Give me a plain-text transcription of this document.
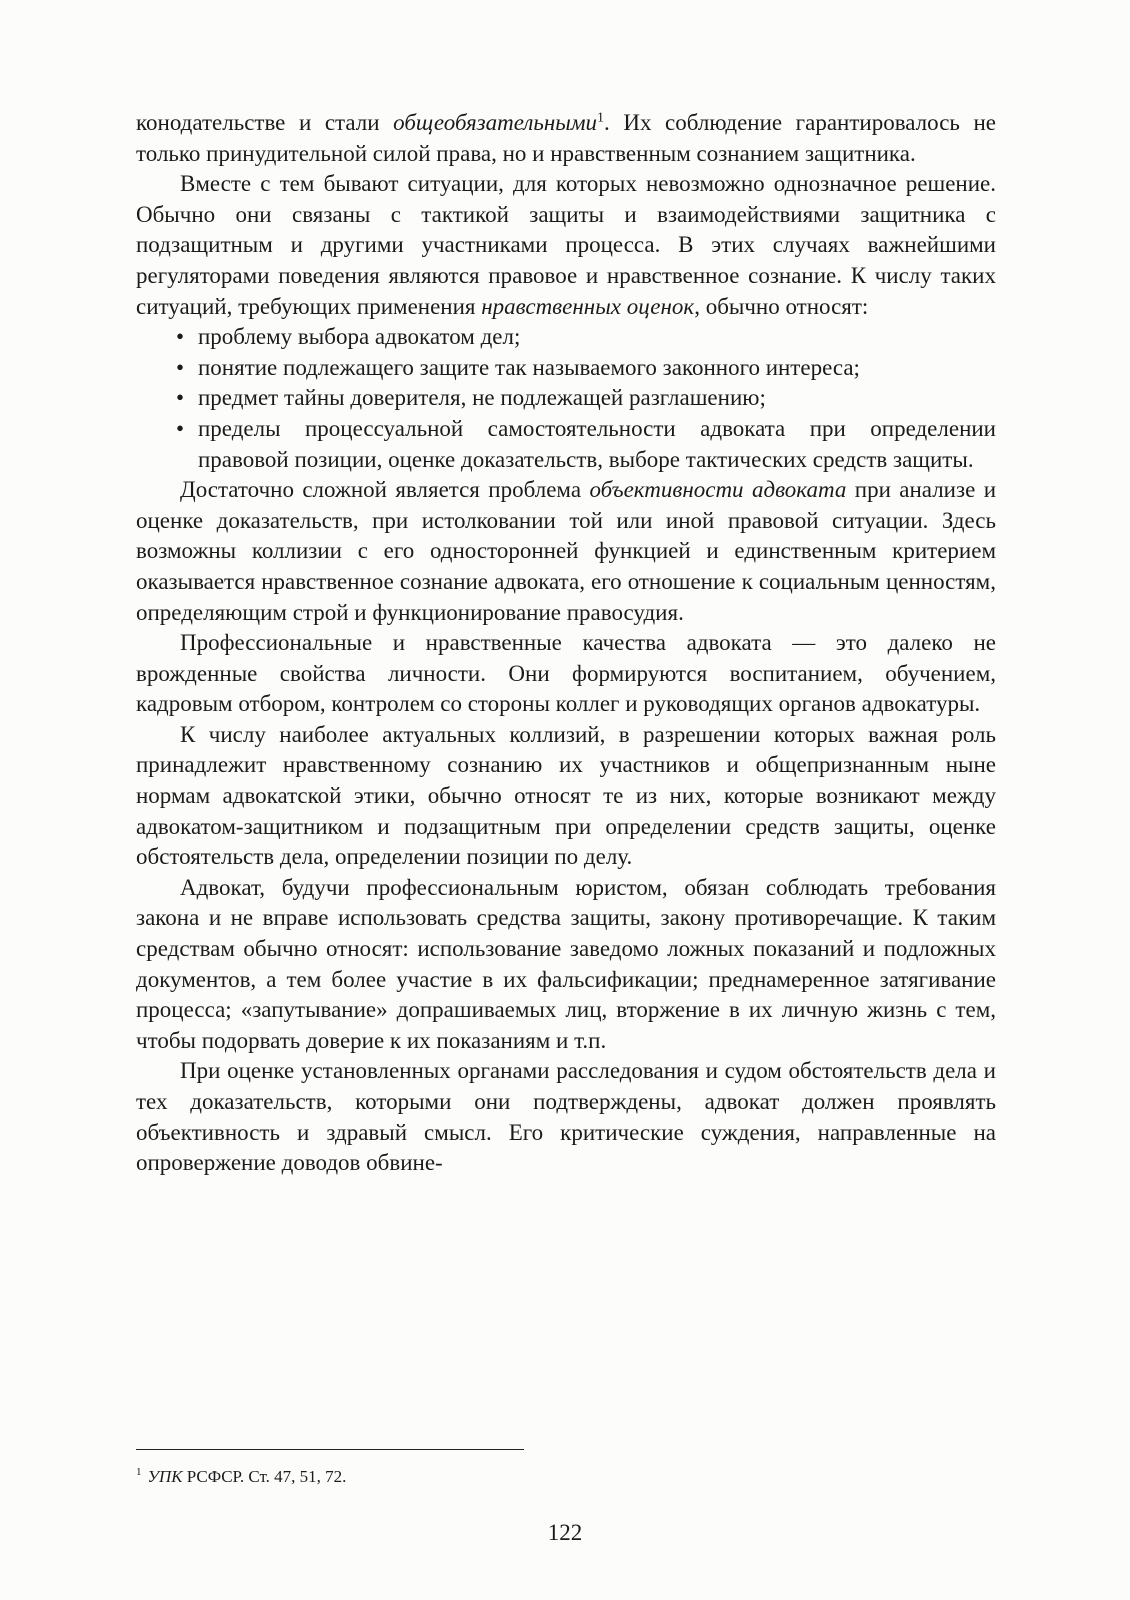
конодательстве и стали общеобязательными$^1$. Их соблюдение гарантировалось не только принудительной силой права, но и нравственным сознанием защитника.

Вместе с тем бывают ситуации, для которых невозможно однозначное решение. Обычно они связаны с тактикой защиты и взаимодействиями защитника с подзащитным и другими участниками процесса. В этих случаях важнейшими регуляторами поведения являются правовое и нравственное сознание. К числу таких ситуаций, требующих применения нравственных оценок, обычно относят:

• проблему выбора адвокатом дел;
• понятие подлежащего защите так называемого законного интереса;
• предмет тайны доверителя, не подлежащей разглашению;
• пределы процессуальной самостоятельности адвоката при определении правовой позиции, оценке доказательств, выборе тактических средств защиты.

Достаточно сложной является проблема объективности адвоката при анализе и оценке доказательств, при истолковании той или иной правовой ситуации. Здесь возможны коллизии с его односторонней функцией и единственным критерием оказывается нравственное сознание адвоката, его отношение к социальным ценностям, определяющим строй и функционирование правосудия.

Профессиональные и нравственные качества адвоката — это далеко не врожденные свойства личности. Они формируются воспитанием, обучением, кадровым отбором, контролем со стороны коллег и руководящих органов адвокатуры.

К числу наиболее актуальных коллизий, в разрешении которых важная роль принадлежит нравственному сознанию их участников и общепризнанным ныне нормам адвокатской этики, обычно относят те из них, которые возникают между адвокатом-защитником и подзащитным при определении средств защиты, оценке обстоятельств дела, определении позиции по делу.

Адвокат, будучи профессиональным юристом, обязан соблюдать требования закона и не вправе использовать средства защиты, закону противоречащие. К таким средствам обычно относят: использование заведомо ложных показаний и подложных документов, а тем более участие в их фальсификации; преднамеренное затягивание процесса; «запутывание» допрашиваемых лиц, вторжение в их личную жизнь с тем, чтобы подорвать доверие к их показаниям и т.п.

При оценке установленных органами расследования и судом обстоятельств дела и тех доказательств, которыми они подтверждены, адвокат должен проявлять объективность и здравый смысл. Его критические суждения, направленные на опровержение доводов обвине-

$^1$ УПК РСФСР. Ст. 47, 51, 72.
122
